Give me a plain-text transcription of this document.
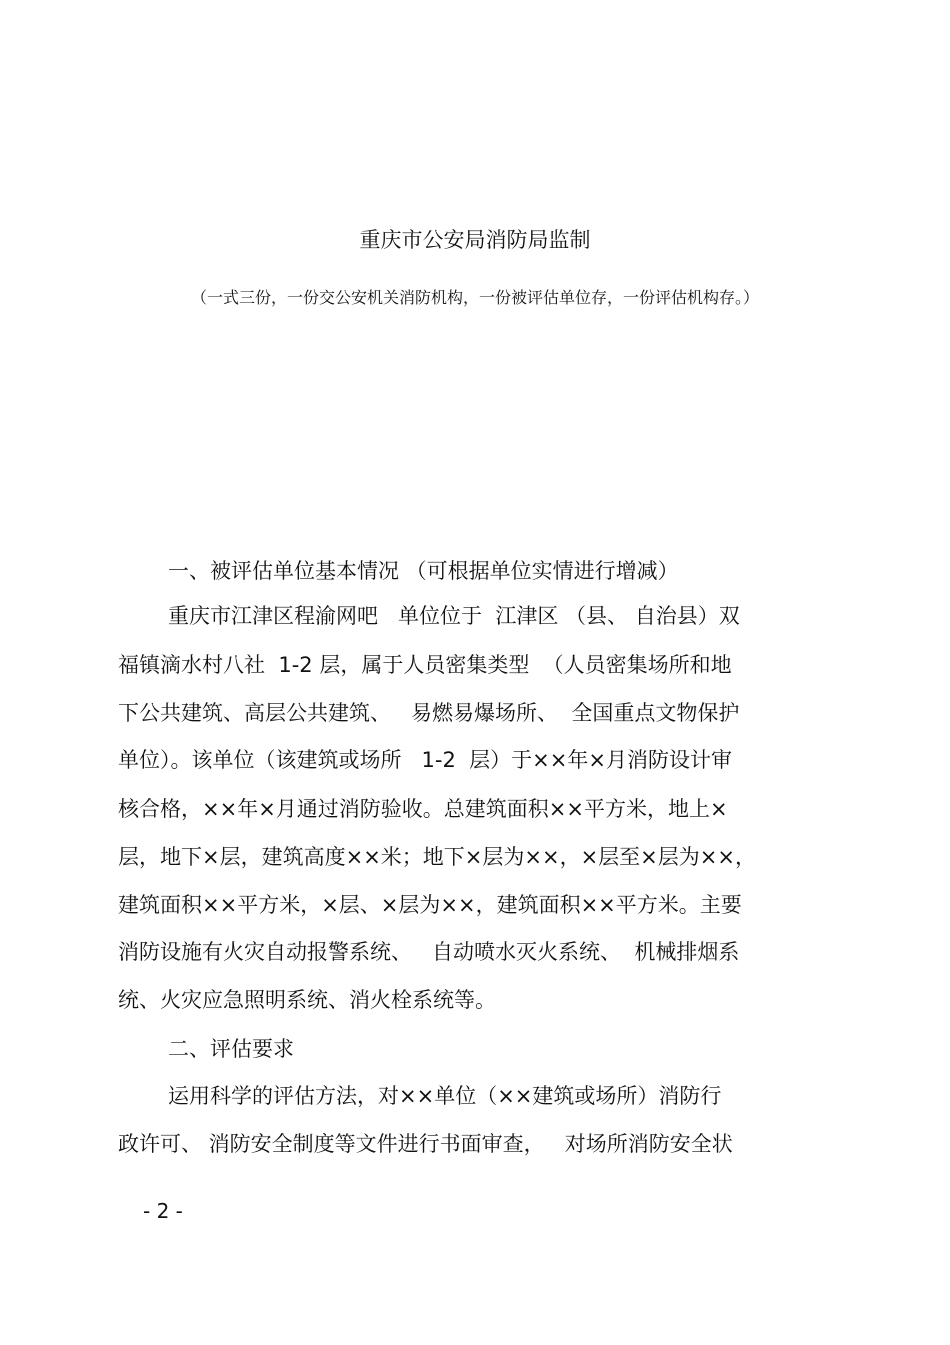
重庆市公安局消防局监制
（一式三份，一份交公安机关消防机构，一份被评估单位存，一份评估机构存。）
一、被评估单位基本情况 （可根据单位实情进行增减）
重庆市江津区程渝网吧   单位位于  江津区 （县、 自治县）双
福镇滴水村八社  1-2 层，属于人员密集类型  （人员密集场所和地
下公共建筑、高层公共建筑、   易燃易爆场所、  全国重点文物保护
单位）。该单位（该建筑或场所   1-2  层）于××年×月消防设计审
核合格，××年×月通过消防验收。总建筑面积××平方米，地上×
层，地下×层，建筑高度××米；地下×层为××，×层至×层为××，
建筑面积××平方米，×层、×层为××，建筑面积××平方米。主要
消防设施有火灾自动报警系统、   自动喷水灭火系统、  机械排烟系
统、火灾应急照明系统、消火栓系统等。
二、评估要求
运用科学的评估方法，对××单位（××建筑或场所）消防行
政许可、 消防安全制度等文件进行书面审查，   对场所消防安全状
- 2 -
